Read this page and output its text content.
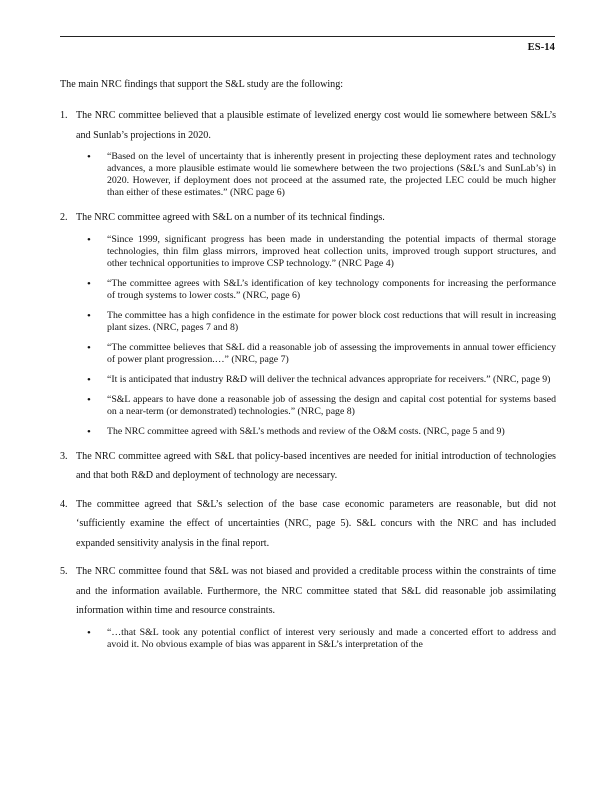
ES-14

The main NRC findings that support the S&L study are the following:

1. The NRC committee believed that a plausible estimate of levelized energy cost would lie somewhere between S&L’s and Sunlab’s projections in 2020.
• “Based on the level of uncertainty that is inherently present in projecting these deployment rates and technology advances, a more plausible estimate would lie somewhere between the two projections (S&L’s and SunLab’s) in 2020. However, if deployment does not proceed at the assumed rate, the projected LEC could be much higher than either of these estimates.” (NRC page 6)
2. The NRC committee agreed with S&L on a number of its technical findings.
• “Since 1999, significant progress has been made in understanding the potential impacts of thermal storage technologies, thin film glass mirrors, improved heat collection units, improved trough support structures, and other technical opportunities to improve CSP technology.” (NRC Page 4)
• “The committee agrees with S&L’s identification of key technology components for increasing the performance of trough systems to lower costs.” (NRC, page 6)
• The committee has a high confidence in the estimate for power block cost reductions that will result in increasing plant sizes. (NRC, pages 7 and 8)
• “The committee believes that S&L did a reasonable job of assessing the improvements in annual tower efficiency of power plant progression.…” (NRC, page 7)
• “It is anticipated that industry R&D will deliver the technical advances appropriate for receivers.” (NRC, page 9)
• “S&L appears to have done a reasonable job of assessing the design and capital cost potential for systems based on a near-term (or demonstrated) technologies.” (NRC, page 8)
• The NRC committee agreed with S&L’s methods and review of the O&M costs. (NRC, page 5 and 9)
3. The NRC committee agreed with S&L that policy-based incentives are needed for initial introduction of technologies and that both R&D and deployment of technology are necessary.
4. The committee agreed that S&L’s selection of the base case economic parameters are reasonable, but did not ‘sufficiently examine the effect of uncertainties (NRC, page 5). S&L concurs with the NRC and has included expanded sensitivity analysis in the final report.
5. The NRC committee found that S&L was not biased and provided a creditable process within the constraints of time and the information available. Furthermore, the NRC committee stated that S&L did reasonable job assimilating information within time and resource constraints.
• “…that S&L took any potential conflict of interest very seriously and made a concerted effort to address and avoid it. No obvious example of bias was apparent in S&L’s interpretation of the
